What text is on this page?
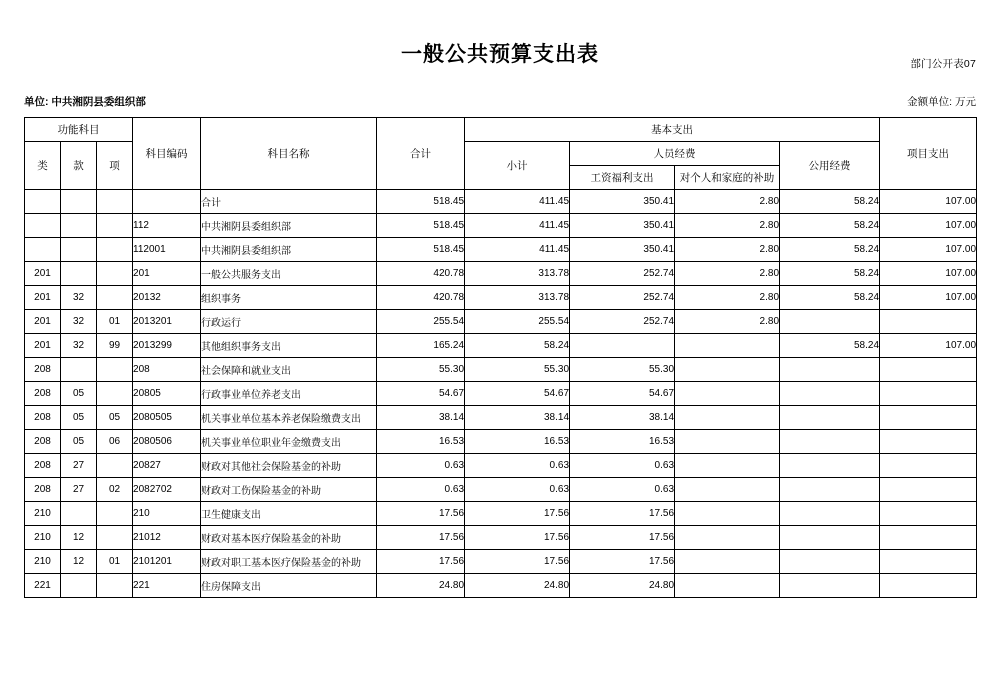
部门公开表07
一般公共预算支出表
单位: 中共湘阴县委组织部	金额单位: 万元
功能科目			科目编码	科目名称	合计	基本支出				项目支出
类	款	项				小计	人员经费		公用经费	
							工资福利支出	对个人和家庭的补助		
				合计	518.45	411.45	350.41	2.80	58.24	107.00
			112	中共湘阴县委组织部	518.45	411.45	350.41	2.80	58.24	107.00
			112001	中共湘阴县委组织部	518.45	411.45	350.41	2.80	58.24	107.00
201			201	一般公共服务支出	420.78	313.78	252.74	2.80	58.24	107.00
201	32		20132	组织事务	420.78	313.78	252.74	2.80	58.24	107.00
201	32	01	2013201	行政运行	255.54	255.54	252.74	2.80		
201	32	99	2013299	其他组织事务支出	165.24	58.24			58.24	107.00
208			208	社会保障和就业支出	55.30	55.30	55.30			
208	05		20805	行政事业单位养老支出	54.67	54.67	54.67			
208	05	05	2080505	机关事业单位基本养老保险缴费支出	38.14	38.14	38.14			
208	05	06	2080506	机关事业单位职业年金缴费支出	16.53	16.53	16.53			
208	27		20827	财政对其他社会保险基金的补助	0.63	0.63	0.63			
208	27	02	2082702	财政对工伤保险基金的补助	0.63	0.63	0.63			
210			210	卫生健康支出	17.56	17.56	17.56			
210	12		21012	财政对基本医疗保险基金的补助	17.56	17.56	17.56			
210	12	01	2101201	财政对职工基本医疗保险基金的补助	17.56	17.56	17.56			
221			221	住房保障支出	24.80	24.80	24.80			
